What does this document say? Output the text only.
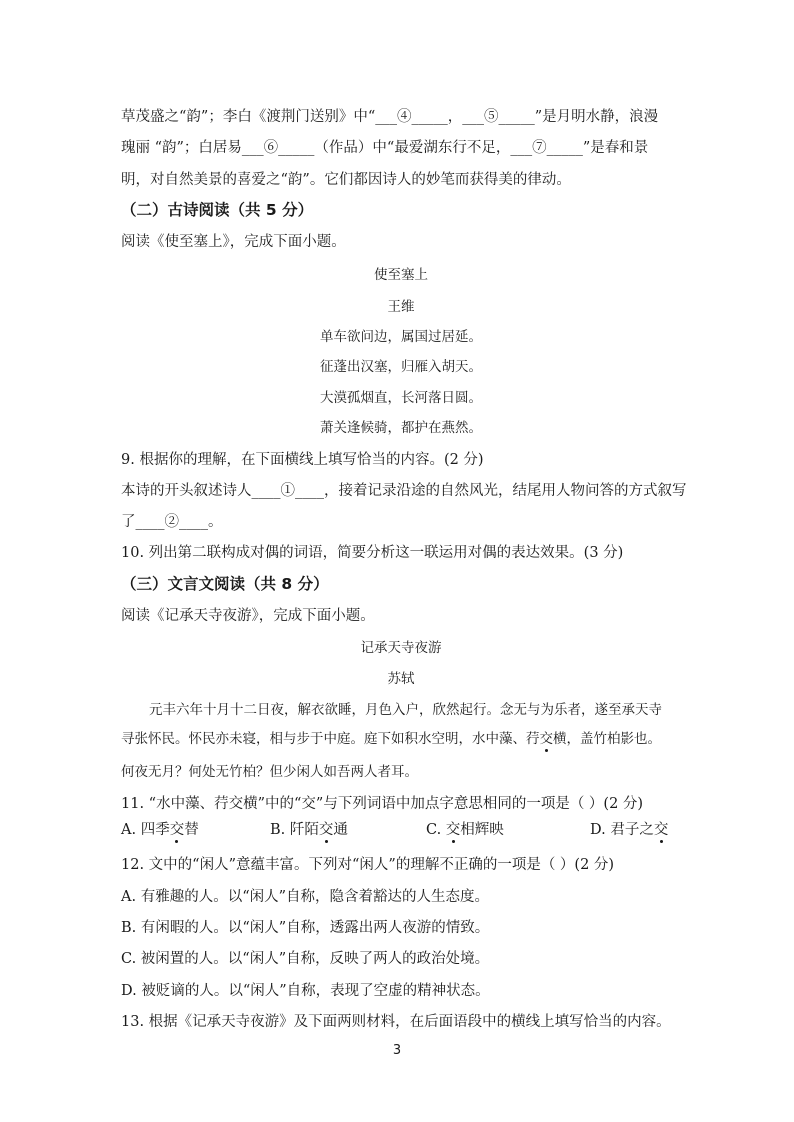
草茂盛之“韵”；李白《渡荆门送别》中“___④_____，___⑤_____”是月明水静，浪漫
瑰丽 “韵”；白居易___⑥_____（作品）中“最爱湖东行不足，___⑦_____”是春和景
明，对自然美景的喜爱之“韵”。它们都因诗人的妙笔而获得美的律动。
（二）古诗阅读（共 5 分）
阅读《使至塞上》，完成下面小题。
使至塞上
王维
单车欲问边，属国过居延。
征蓬出汉塞，归雁入胡天。
大漠孤烟直，长河落日圆。
萧关逢候骑，都护在燕然。
9. 根据你的理解，在下面横线上填写恰当的内容。(2 分)
本诗的开头叙述诗人____①____，接着记录沿途的自然风光，结尾用人物问答的方式叙写
了____②____。
10. 列出第二联构成对偶的词语，简要分析这一联运用对偶的表达效果。(3 分)
（三）文言文阅读（共 8 分）
阅读《记承天寺夜游》，完成下面小题。
记承天寺夜游
苏轼
元丰六年十月十二日夜，解衣欲睡，月色入户，欣然起行。念无与为乐者，遂至承天寺
寻张怀民。怀民亦未寝，相与步于中庭。庭下如积水空明，水中藻、荇交横，盖竹柏影也。
何夜无月？何处无竹柏？但少闲人如吾两人者耳。
11. “水中藻、荇交横”中的“交”与下列词语中加点字意思相同的一项是（ ）(2 分)
A. 四季交替	B. 阡陌交通	C. 交相辉映	D. 君子之交
12. 文中的“闲人”意蕴丰富。下列对“闲人”的理解不正确的一项是（ ）(2 分)
A. 有雅趣的人。以“闲人”自称，隐含着豁达的人生态度。
B. 有闲暇的人。以“闲人”自称，透露出两人夜游的情致。
C. 被闲置的人。以“闲人”自称，反映了两人的政治处境。
D. 被贬谪的人。以“闲人”自称，表现了空虚的精神状态。
13. 根据《记承天寺夜游》及下面两则材料，在后面语段中的横线上填写恰当的内容。
3
